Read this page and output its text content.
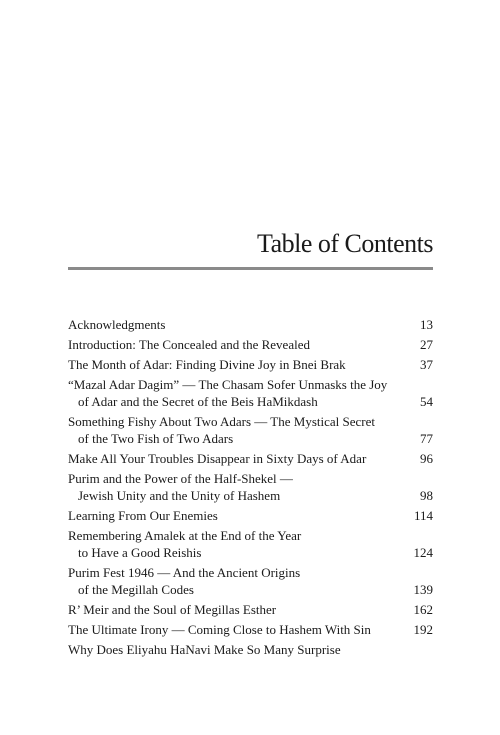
Table of Contents
Acknowledgments	13
Introduction: The Concealed and the Revealed	27
The Month of Adar: Finding Divine Joy in Bnei Brak	37
“Mazal Adar Dagim” — The Chasam Sofer Unmasks the Joy
of Adar and the Secret of the Beis HaMikdash	54
Something Fishy About Two Adars — The Mystical Secret
of the Two Fish of Two Adars	77
Make All Your Troubles Disappear in Sixty Days of Adar	96
Purim and the Power of the Half-Shekel —
Jewish Unity and the Unity of Hashem	98
Learning From Our Enemies	114
Remembering Amalek at the End of the Year
to Have a Good Reishis	124
Purim Fest 1946 — And the Ancient Origins
of the Megillah Codes	139
R’ Meir and the Soul of Megillas Esther	162
The Ultimate Irony — Coming Close to Hashem With Sin	192
Why Does Eliyahu HaNavi Make So Many Surprise
